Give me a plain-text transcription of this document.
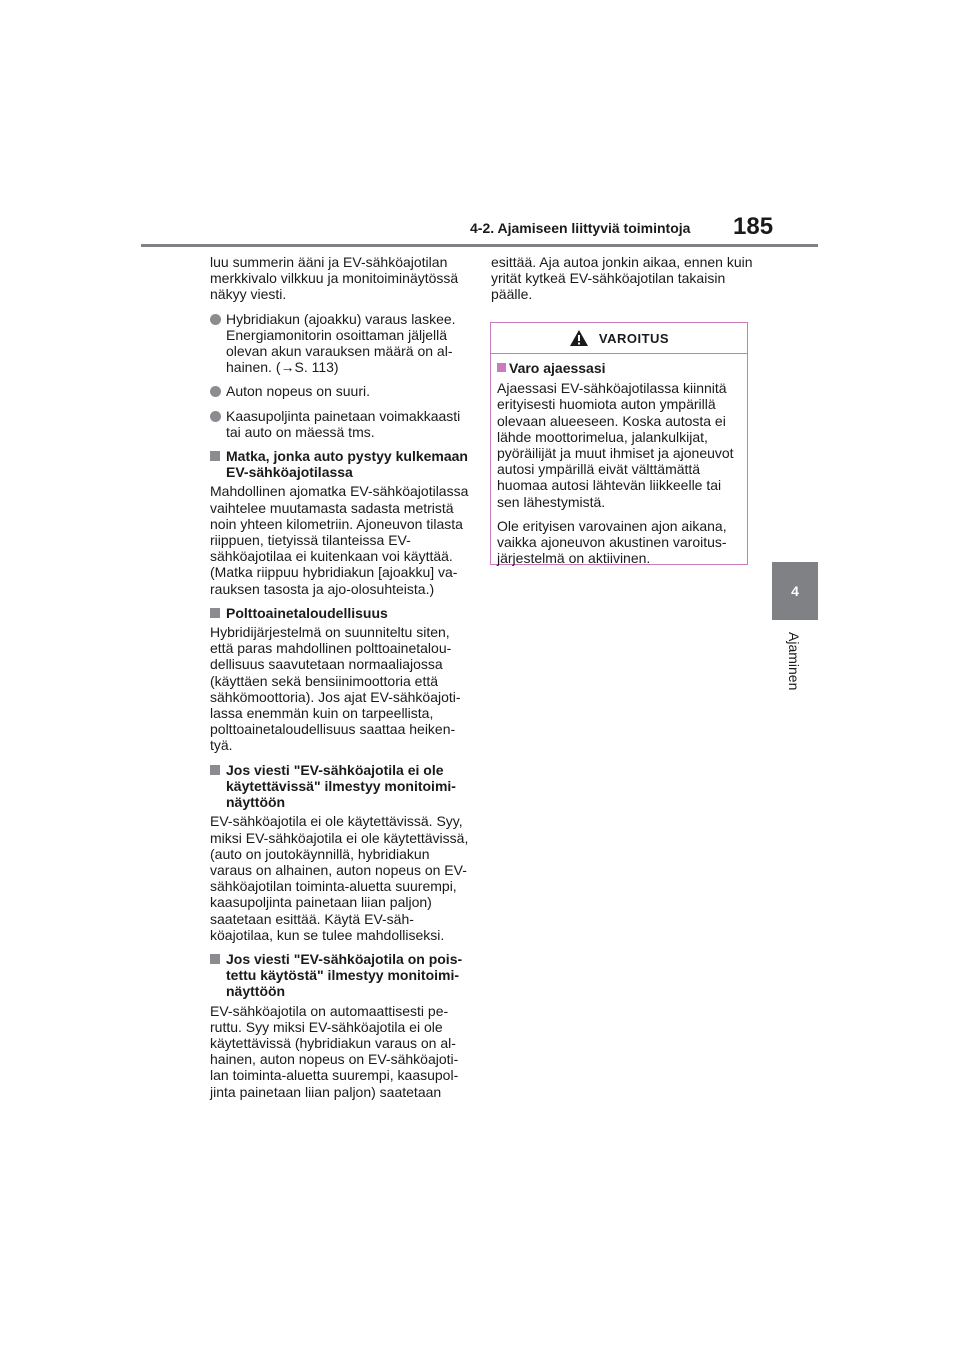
4-2. Ajamiseen liittyviä toimintoja 185
4
Ajaminen

luu summerin ääni ja EV-sähköajotilan merkkivalo vilkkuu ja monitoiminäytössä näkyy viesti.

Hybridiakun (ajoakku) varaus laskee. Energiamonitorin osoittaman jäljellä olevan akun varauksen määrä on alhainen. (→S. 113)
Auton nopeus on suuri.
Kaasupoljinta painetaan voimakkaasti tai auto on mäessä tms.
Matka, jonka auto pystyy kulkemaan EV-sähköajotilassa

Mahdollinen ajomatka EV-sähköajotilassa vaihtelee muutamasta sadasta metristä noin yhteen kilometriin. Ajoneuvon tilasta riippuen, tietyissä tilanteissa EV-sähköajotilaa ei kuitenkaan voi käyttää. (Matka riippuu hybridiakun [ajoakku] varauksen tasosta ja ajo-olosuhteista.)

Polttoainetaloudellisuus

Hybridijärjestelmä on suunniteltu siten, että paras mahdollinen polttoainetaloudellisuus saavutetaan normaaliajossa (käyttäen sekä bensiinimoottoria että sähkömoottoria). Jos ajat EV-sähköajotilassa enemmän kuin on tarpeellista, polttoainetaloudellisuus saattaa heikentyä.

Jos viesti "EV-sähköajotila ei ole käytettävissä" ilmestyy monitoiminäyttöön

EV-sähköajotila ei ole käytettävissä. Syy, miksi EV-sähköajotila ei ole käytettävissä, (auto on joutokäynnillä, hybridiakun varaus on alhainen, auton nopeus on EV-sähköajotilan toiminta-aluetta suurempi, kaasupoljinta painetaan liian paljon) saatetaan esittää. Käytä EV-sähköajotilaa, kun se tulee mahdolliseksi.

Jos viesti "EV-sähköajotila on poistettu käytöstä" ilmestyy monitoiminäyttöön

EV-sähköajotila on automaattisesti peruttu. Syy miksi EV-sähköajotila ei ole käytettävissä (hybridiakun varaus on alhainen, auton nopeus on EV-sähköajotilan toiminta-aluetta suurempi, kaasupoljinta painetaan liian paljon) saatetaan

esittää. Aja autoa jonkin aikaa, ennen kuin yrität kytkeä EV-sähköajotilan takaisin päälle.

VAROITUS
Varo ajaessasi

Ajaessasi EV-sähköajotilassa kiinnitä erityisesti huomiota auton ympärillä olevaan alueeseen. Koska autosta ei lähde moottorimelua, jalankulkijat, pyöräilijät ja muut ihmiset ja ajoneuvot autosi ympärillä eivät välttämättä huomaa autosi lähtevän liikkeelle tai sen lähestymistä.

Ole erityisen varovainen ajon aikana, vaikka ajoneuvon akustinen varoitusjärjestelmä on aktiivinen.
